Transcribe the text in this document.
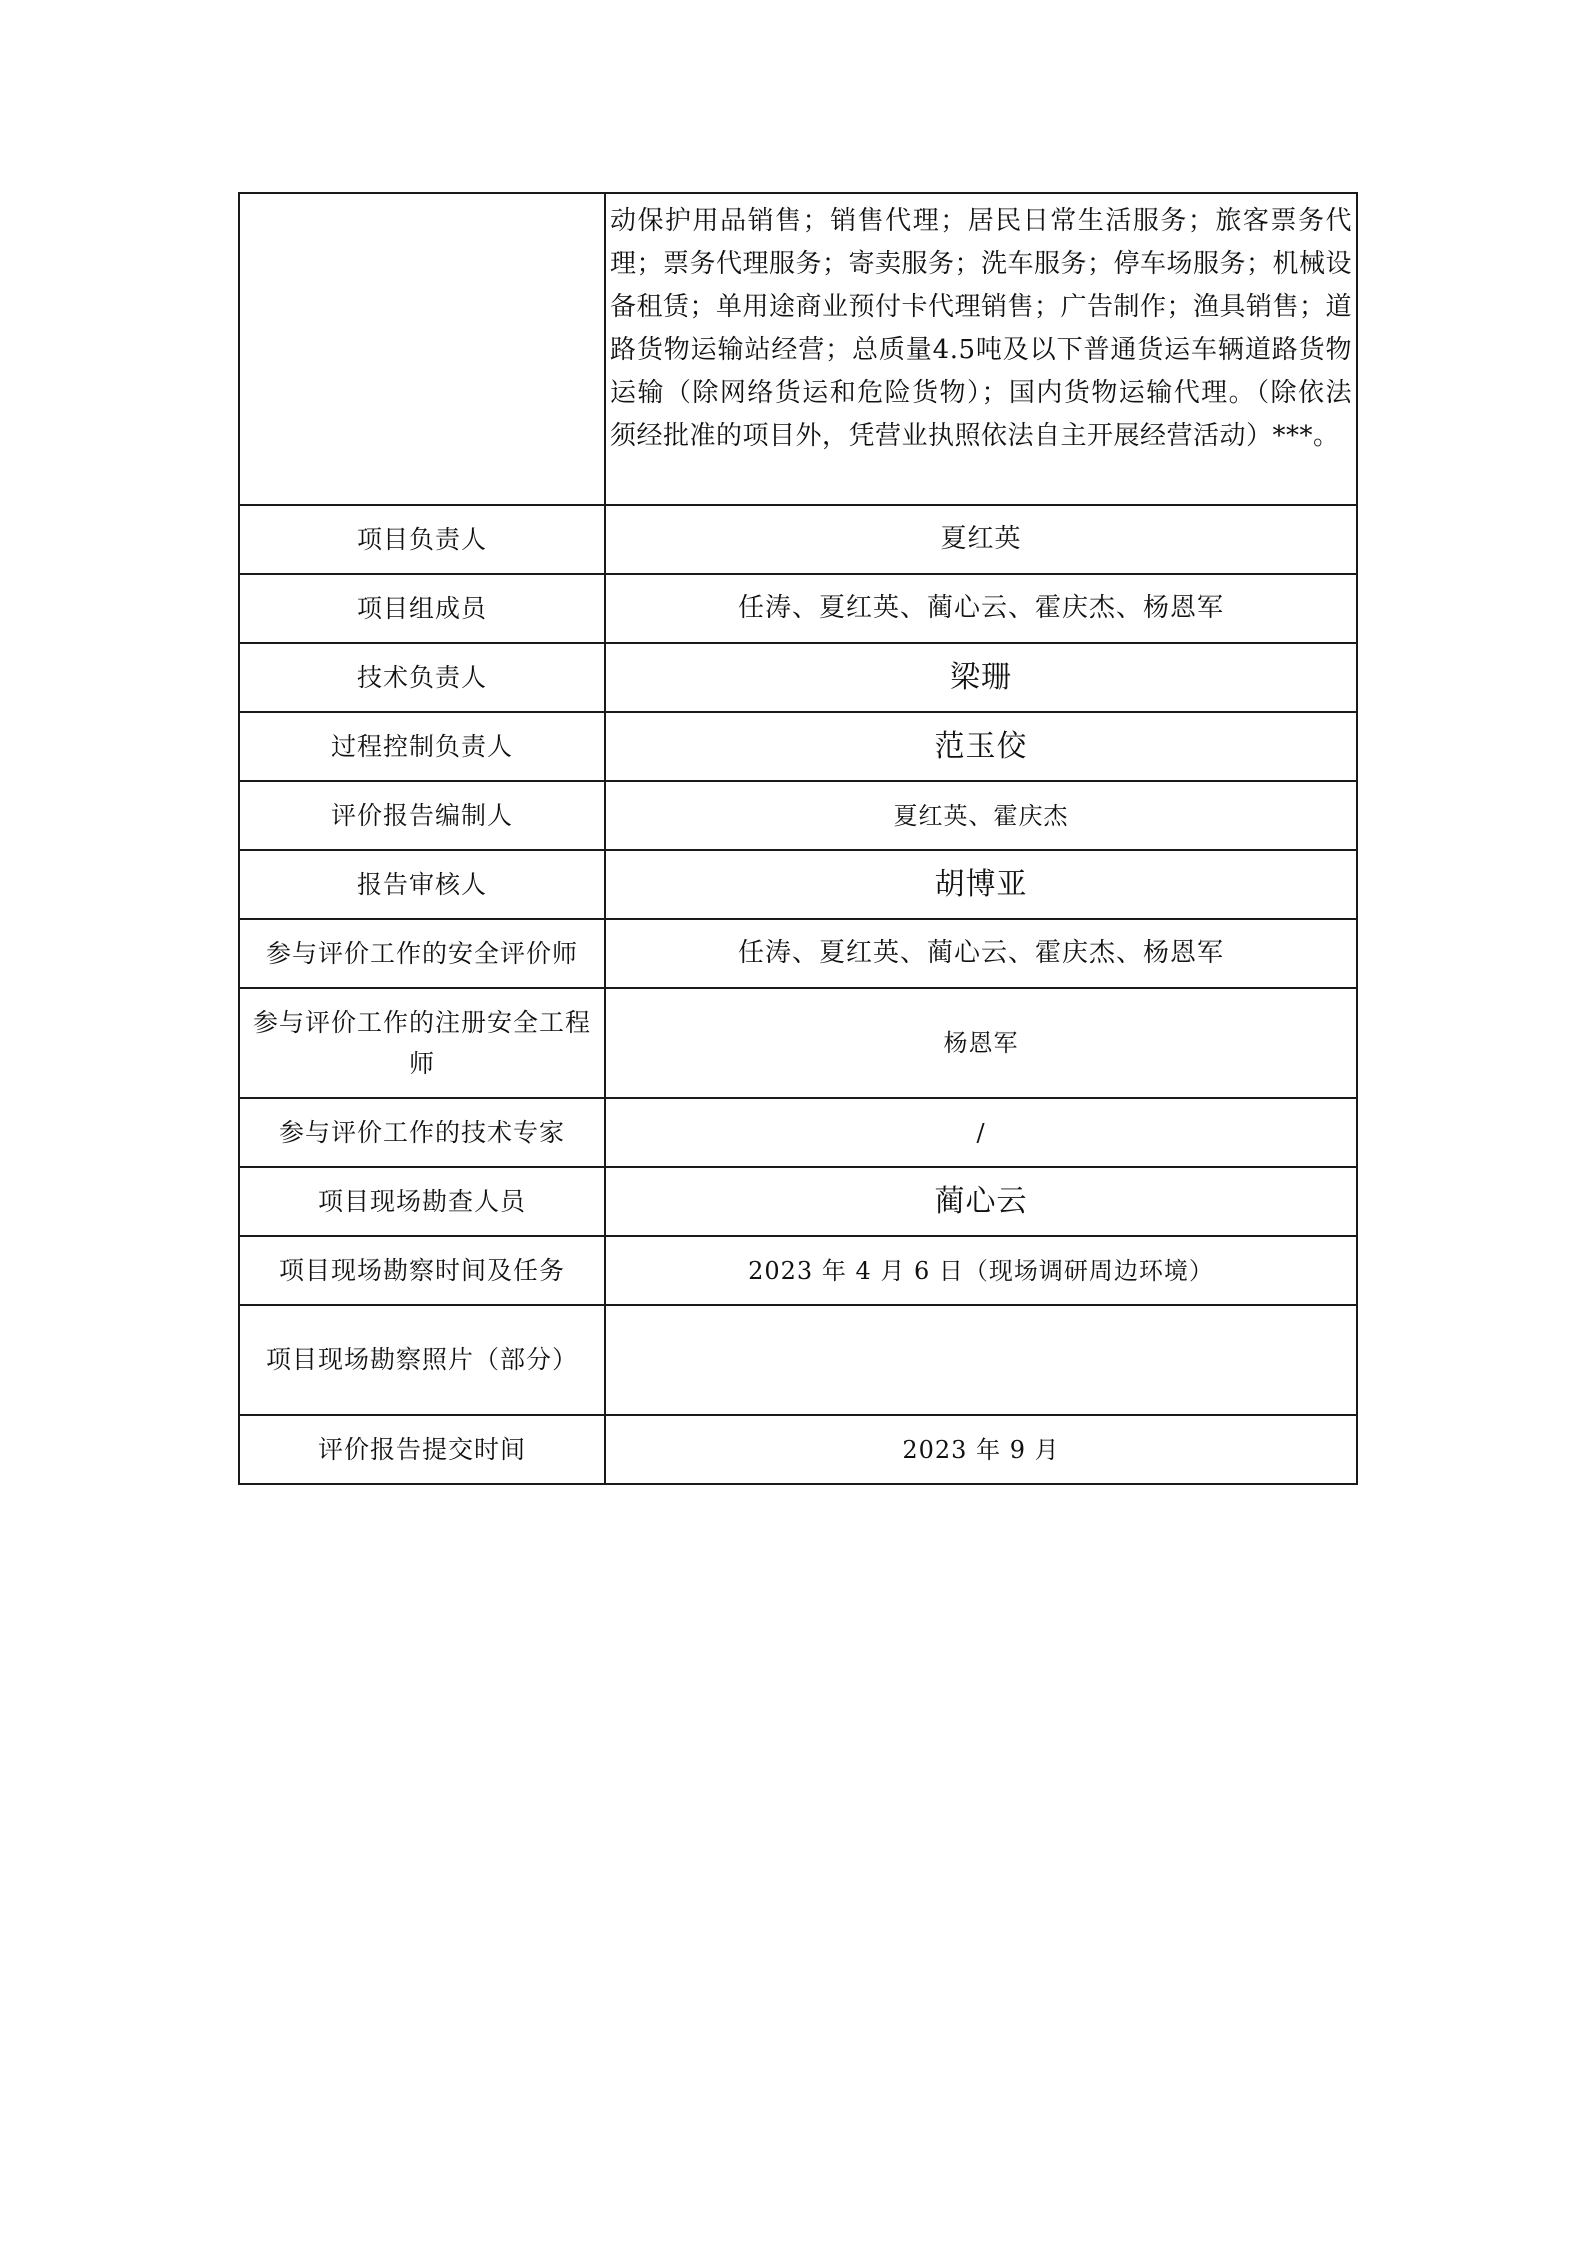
	动保护用品销售；销售代理；居民日常生活服务；旅客票务代理；票务代理服务；寄卖服务；洗车服务；停车场服务；机械设备租赁；单用途商业预付卡代理销售；广告制作；渔具销售；道路货物运输站经营；总质量4.5吨及以下普通货运车辆道路货物运输（除网络货运和危险货物）；国内货物运输代理。（除依法须经批准的项目外，凭营业执照依法自主开展经营活动）***。
项目负责人	夏红英
项目组成员	任涛、夏红英、蔺心云、霍庆杰、杨恩军
技术负责人	梁珊
过程控制负责人	范玉佼
评价报告编制人	夏红英、霍庆杰
报告审核人	胡博亚
参与评价工作的安全评价师	任涛、夏红英、蔺心云、霍庆杰、杨恩军
参与评价工作的注册安全工程师	杨恩军
参与评价工作的技术专家	/
项目现场勘查人员	蔺心云
项目现场勘察时间及任务	2023 年 4 月 6 日（现场调研周边环境）
项目现场勘察照片（部分）	
评价报告提交时间	2023 年 9 月
